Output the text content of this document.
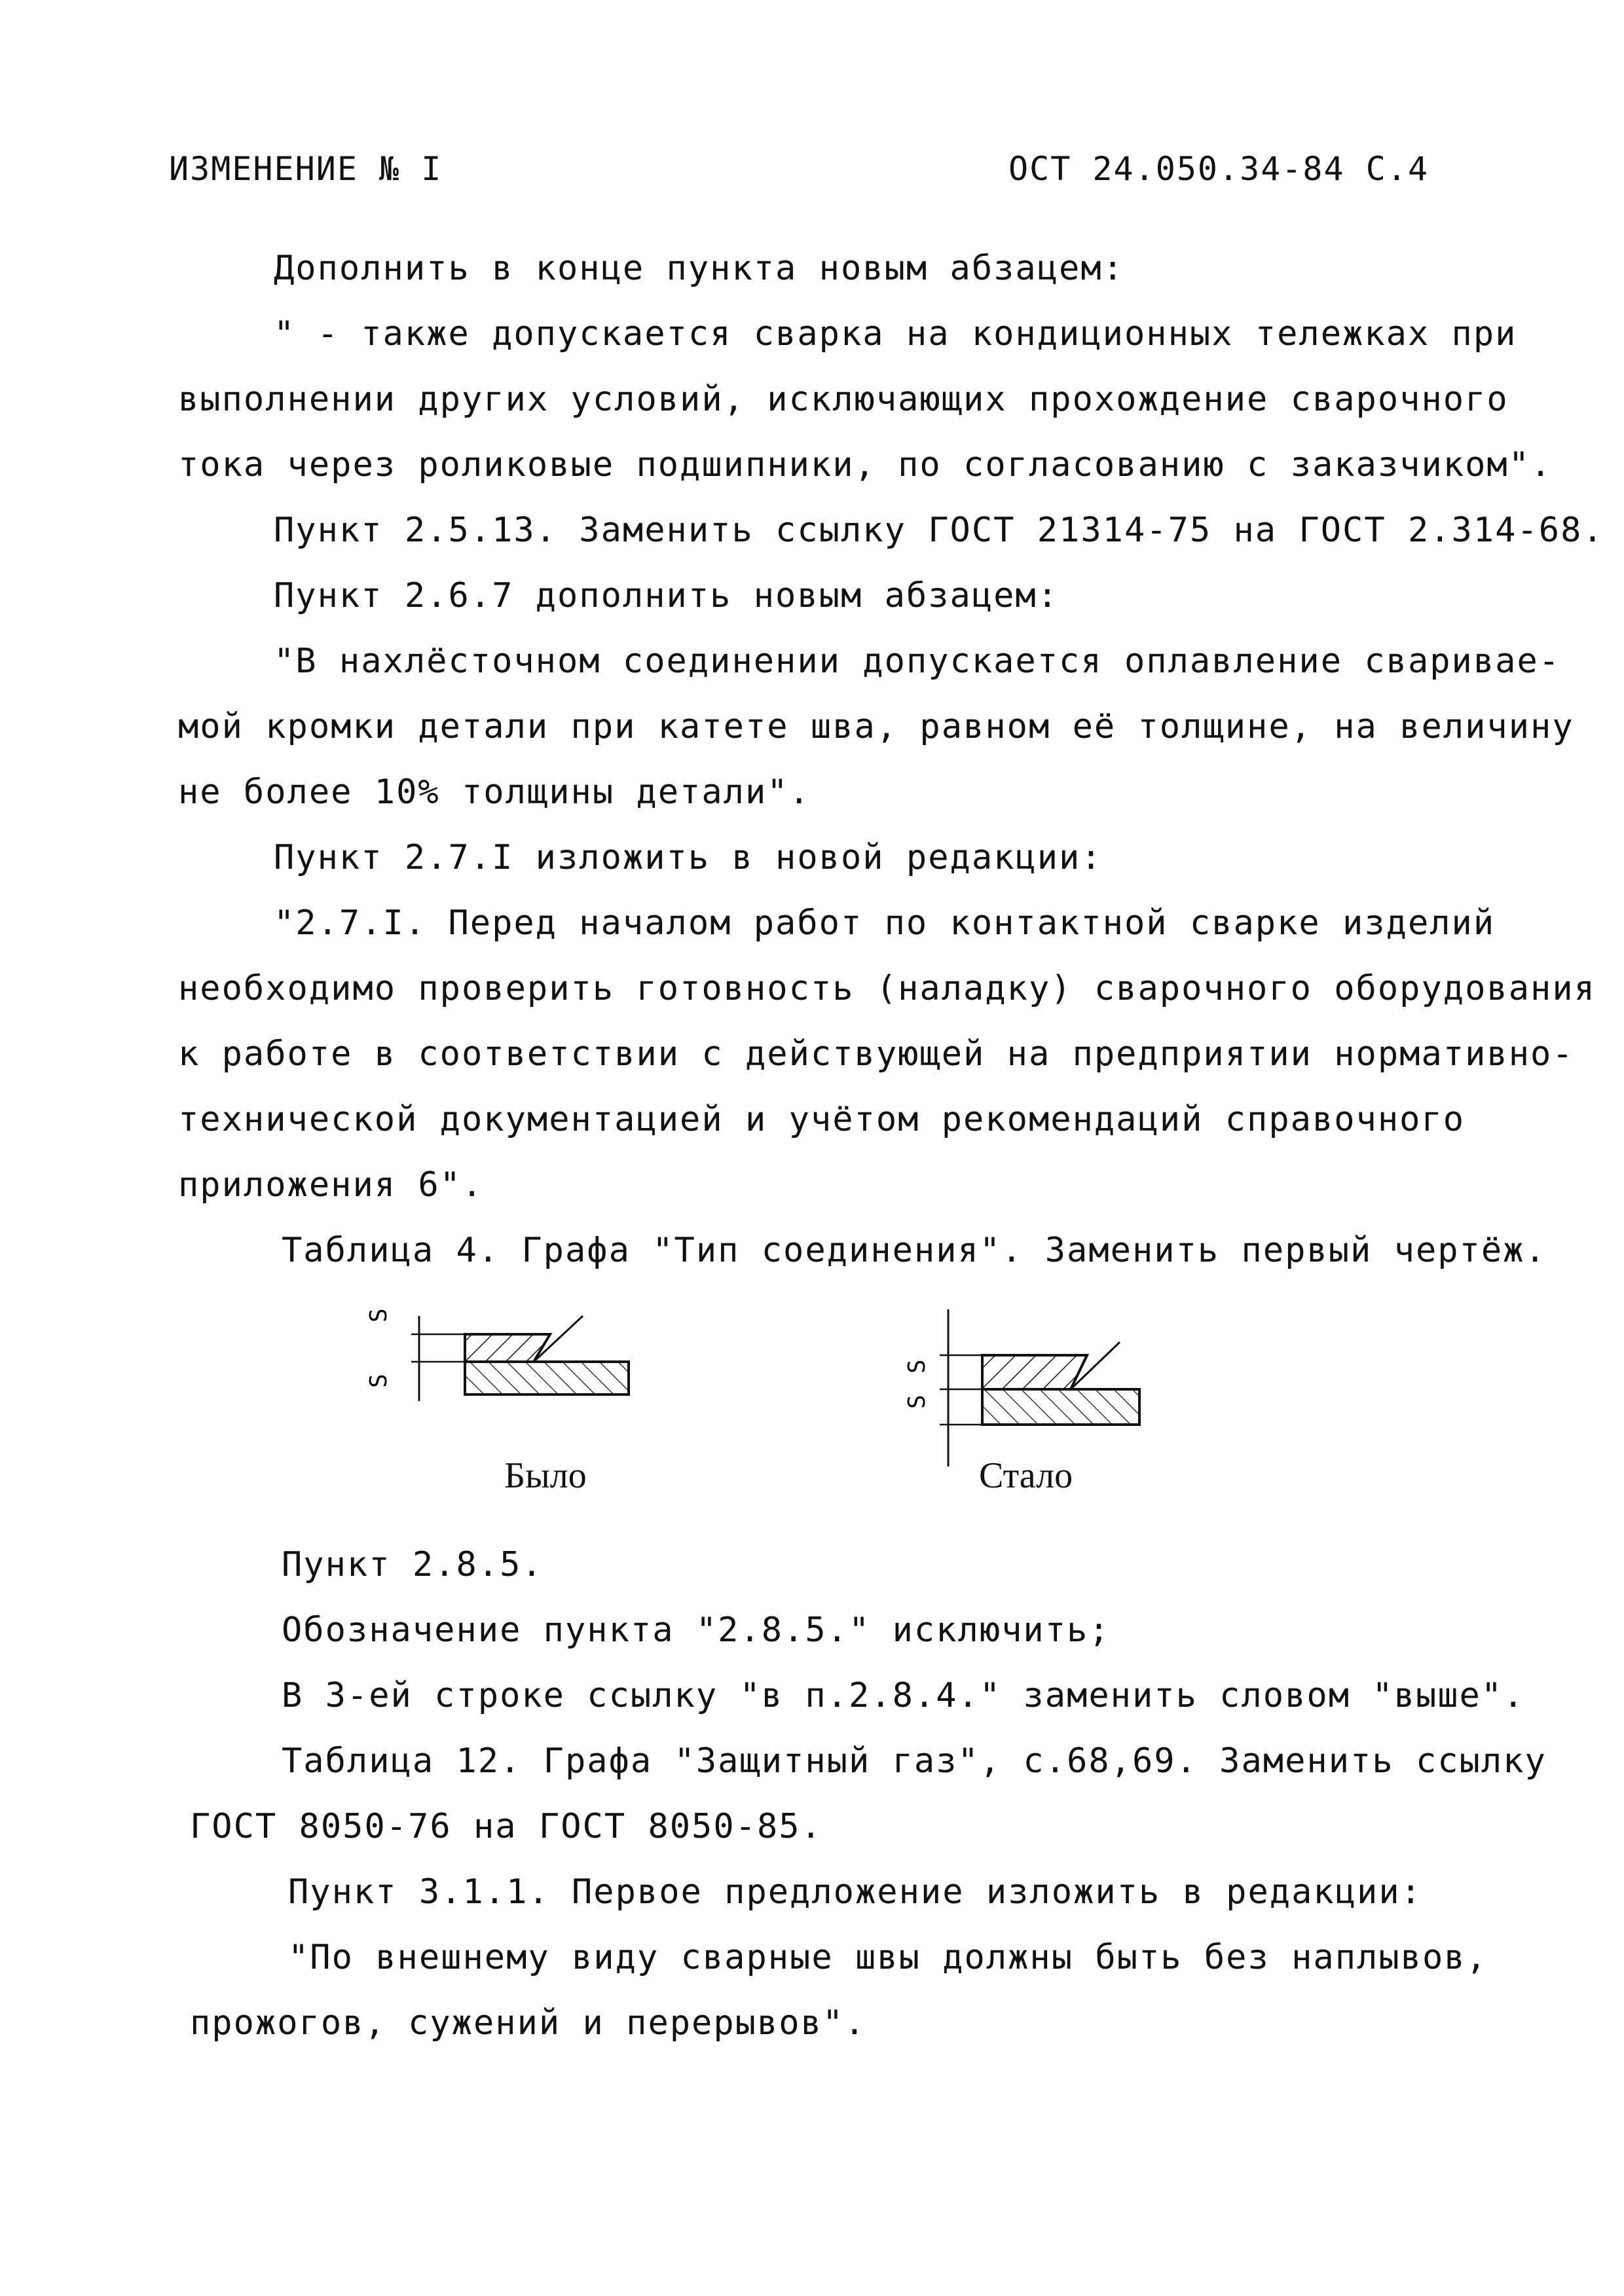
ИЗМЕНЕНИЕ № I	ОСТ 24.050.34-84 С.4
Дополнить в конце пункта новым абзацем:
" - также допускается сварка на кондиционных тележках при
выполнении других условий, исключающих прохождение сварочного
тока через роликовые подшипники, по согласованию с заказчиком".
Пункт 2.5.13. Заменить ссылку ГОСТ 21314-75 на ГОСТ 2.314-68.
Пункт 2.6.7 дополнить новым абзацем:
"В нахлёсточном соединении допускается оплавление сваривае-
мой кромки детали при катете шва, равном её толщине, на величину
не более 10% толщины детали".
Пункт 2.7.I изложить в новой редакции:
"2.7.I. Перед началом работ по контактной сварке изделий
необходимо проверить готовность (наладку) сварочного оборудования
к работе в соответствии с действующей на предприятии нормативно-
технической документацией и учётом рекомендаций справочного
приложения 6".
Таблица 4. Графа "Тип соединения". Заменить первый чертёж.
S
S
Было
S
S
Стало
Пункт 2.8.5.
Обозначение пункта "2.8.5." исключить;
В 3-ей строке ссылку "в п.2.8.4." заменить словом "выше".
Таблица 12. Графа "Защитный газ", с.68,69. Заменить ссылку
ГОСТ 8050-76 на ГОСТ 8050-85.
Пункт 3.1.1. Первое предложение изложить в редакции:
"По внешнему виду сварные швы должны быть без наплывов,
прожогов, сужений и перерывов".
